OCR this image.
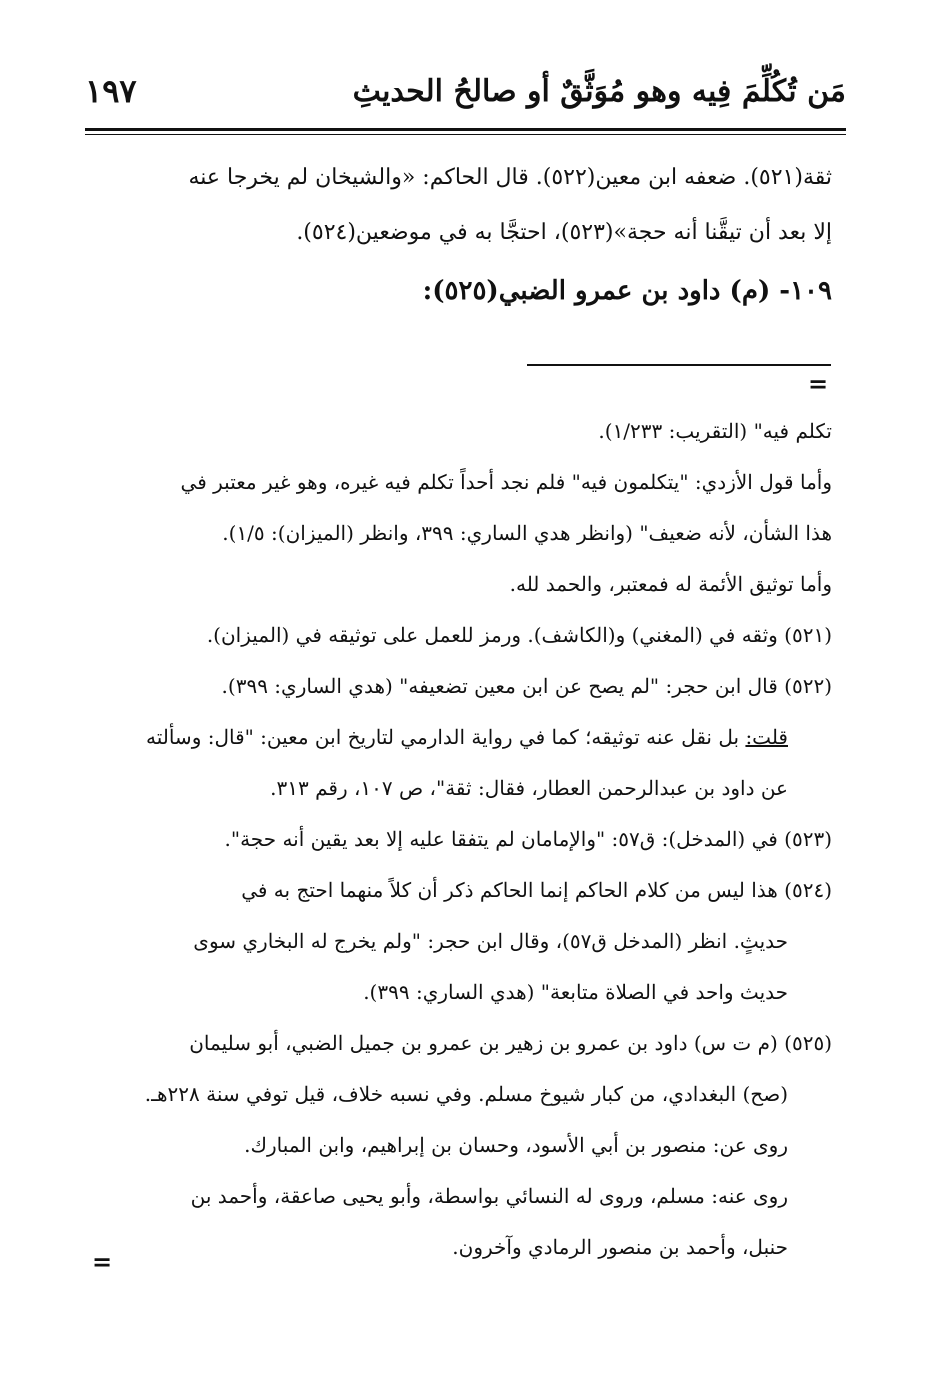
مَن تُكُلِّمَ فِيه وهو مُوَثَّقٌ أو صالحُ الحديثِ
١٩٧

ثقة(٥٢١). ضعفه ابن معين(٥٢٢). قال الحاكم: «والشيخان لم يخرجا عنه

إلا بعد أن تيقَّنا أنه حجة»(٥٢٣)، احتجَّا به في موضعين(٥٢٤).

١٠٩- (م) داود بن عمرو الضبي(٥٢٥):
=

تكلم فيه" (التقريب: ١/٢٣٣).

وأما قول الأزدي: "يتكلمون فيه" فلم نجد أحداً تكلم فيه غيره، وهو غير معتبر في

هذا الشأن، لأنه ضعيف" (وانظر هدي الساري: ٣٩٩، وانظر (الميزان): ١/٥).

وأما توثيق الأئمة له فمعتبر، والحمد لله.

(٥٢١) وثقه في (المغني) و(الكاشف). ورمز للعمل على توثيقه في (الميزان).

(٥٢٢) قال ابن حجر: "لم يصح عن ابن معين تضعيفه" (هدي الساري: ٣٩٩).

قلت: بل نقل عنه توثيقه؛ كما في رواية الدارمي لتاريخ ابن معين: "قال: وسألته

عن داود بن عبدالرحمن العطار، فقال: ثقة"، ص ١٠٧، رقم ٣١٣.

(٥٢٣) في (المدخل): ق٥٧: "والإمامان لم يتفقا عليه إلا بعد يقين أنه حجة".

(٥٢٤) هذا ليس من كلام الحاكم إنما الحاكم ذكر أن كلاً منهما احتج به في

حديثٍ. انظر (المدخل ق٥٧)، وقال ابن حجر: "ولم يخرج له البخاري سوى

حديث واحد في الصلاة متابعة" (هدي الساري: ٣٩٩).

(٥٢٥) (م ت س) داود بن عمرو بن زهير بن عمرو بن جميل الضبي، أبو سليمان

(صح) البغدادي، من كبار شيوخ مسلم. وفي نسبه خلاف، قيل توفي سنة ٢٢٨هـ.

روى عن: منصور بن أبي الأسود، وحسان بن إبراهيم، وابن المبارك.

روى عنه: مسلم، وروى له النسائي بواسطة، وأبو يحيى صاعقة، وأحمد بن

حنبل، وأحمد بن منصور الرمادي وآخرون.

=
